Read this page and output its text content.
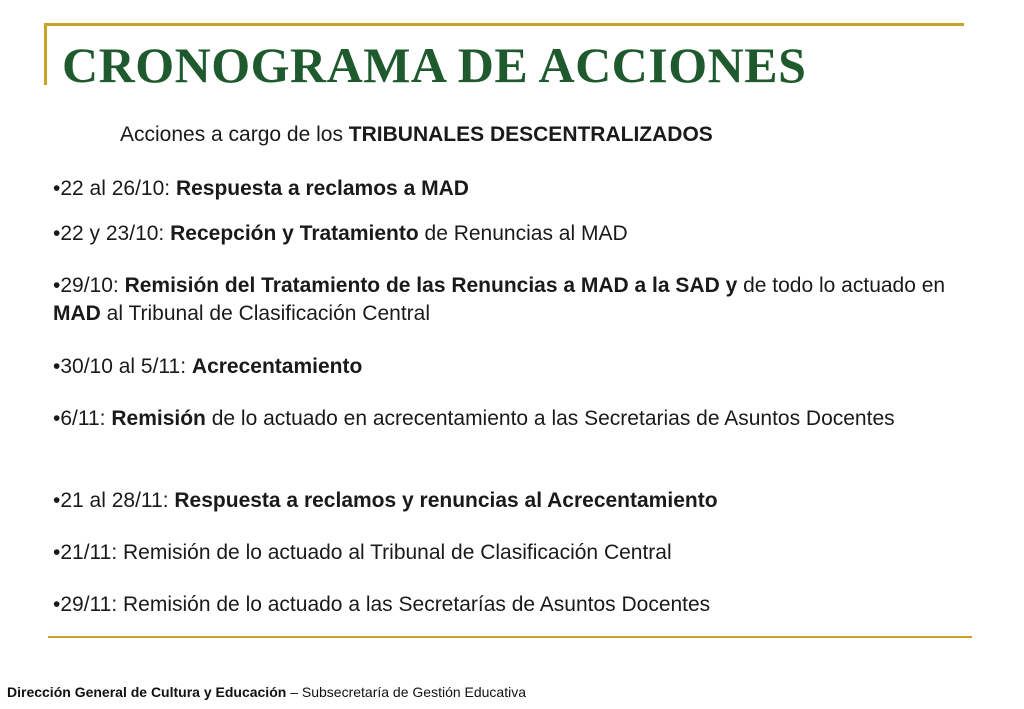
CRONOGRAMA DE ACCIONES
Acciones a cargo de los TRIBUNALES DESCENTRALIZADOS
•22 al 26/10: Respuesta a reclamos a MAD
•22 y 23/10: Recepción y Tratamiento de Renuncias al MAD
•29/10: Remisión del Tratamiento de las Renuncias a MAD a la SAD y de todo lo actuado en MAD al Tribunal de Clasificación Central
•30/10 al 5/11: Acrecentamiento
•6/11: Remisión de lo actuado en acrecentamiento a las Secretarias de Asuntos Docentes
•21 al 28/11: Respuesta a reclamos y renuncias al Acrecentamiento
•21/11: Remisión de lo actuado al Tribunal de Clasificación Central
•29/11: Remisión de lo actuado a las Secretarías de Asuntos Docentes
Dirección General de Cultura y Educación – Subsecretaría de Gestión Educativa
